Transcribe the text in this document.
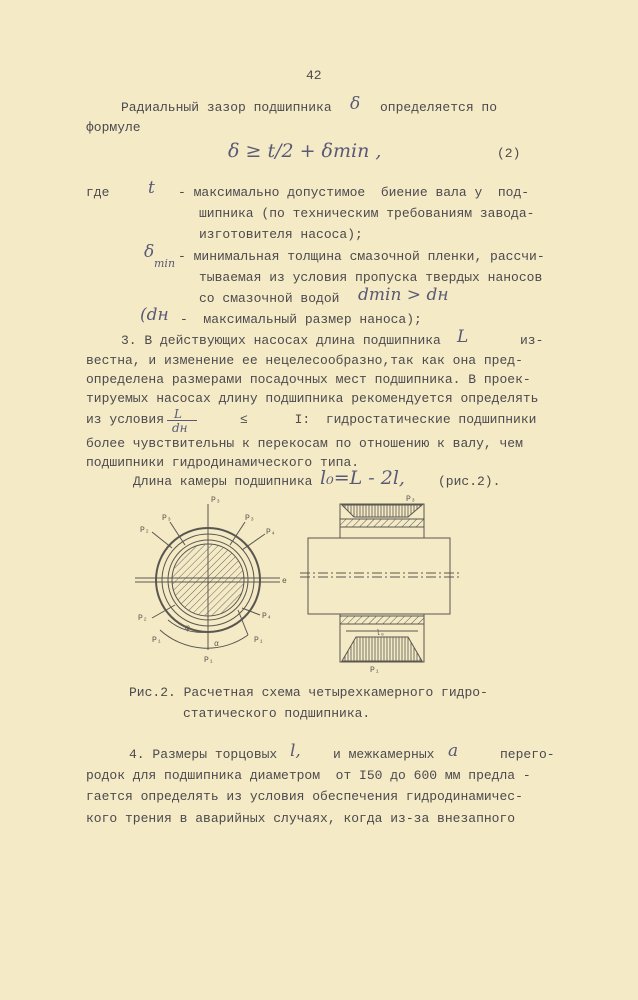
42
Радиальный зазор подшипника δ определяется по
формуле
δ ≥ t/2 + δmin ,	(2)
где t - максимально допустимое  биение вала у  под-
шипника (по техническим требованиям завода-
изготовителя насоса);
δ
min - минимальная толщина смазочной пленки, рассчи-
тываемая из условия пропуска твердых наносов
со смазочной водой dmin > dн
(dн -  максимальный размер наноса);
3. В действующих насосах длина подшипника L	из-
вестна, и изменение ее нецелесообразно,так как она пред-
определена размерами посадочных мест подшипника. В проек-
тируемых насосах длину подшипника рекомендуется определять
из условия L
dн
≤      I:  гидростатические подшипники
более чувствительны к перекосам по отношению к валу, чем
подшипники гидродинамического типа.
Длина камеры подшипника l₀=L - 2l,	(рис.2).
P₃
P₃
P₂
P₃
P₄
e
P₂	P₄
φ
P₁
P₁	α
P₁
P₃
l₀
P₁
Рис.2. Расчетная схема четырехкамерного гидро-
статического подшипника.
4. Размеры торцовых l, и межкамерных a	перего-
родок для подшипника диаметром  от I50 до 600 мм предла -
гается определять из условия обеспечения гидродинамичес-
кого трения в аварийных случаях, когда из-за внезапного
